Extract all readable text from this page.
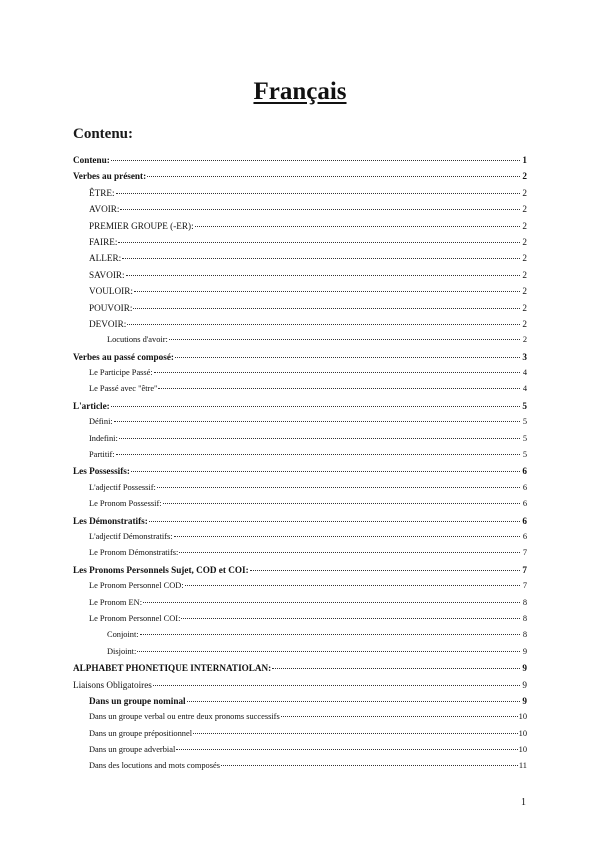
Français
Contenu:
Contenu:	1
Verbes au présent:	2
ÊTRE:	2
AVOIR:	2
PREMIER GROUPE (-ER):	2
FAIRE:	2
ALLER:	2
SAVOIR:	2
VOULOIR:	2
POUVOIR:	2
DEVOIR:	2
Locutions d'avoir:	2
Verbes au passé composé:	3
Le Participe Passé:	4
Le Passé avec "être"	4
L'article:	5
Défini:	5
Indefini:	5
Partitif:	5
Les Possessifs:	6
L'adjectif Possessif:	6
Le Pronom Possessif:	6
Les Démonstratifs:	6
L'adjectif Démonstratifs:	6
Le Pronom Démonstratifs:	7
Les Pronoms Personnels Sujet, COD et COI:	7
Le Pronom Personnel COD:	7
Le Pronom EN:	8
Le Pronom Personnel COI:	8
Conjoint:	8
Disjoint:	9
ALPHABET PHONETIQUE INTERNATIOLAN:	9
Liaisons Obligatoires	9
Dans un groupe nominal	9
Dans un groupe verbal ou entre deux pronoms successifs	10
Dans un groupe prépositionnel	10
Dans un groupe adverbial	10
Dans des locutions and mots composés	11
1
